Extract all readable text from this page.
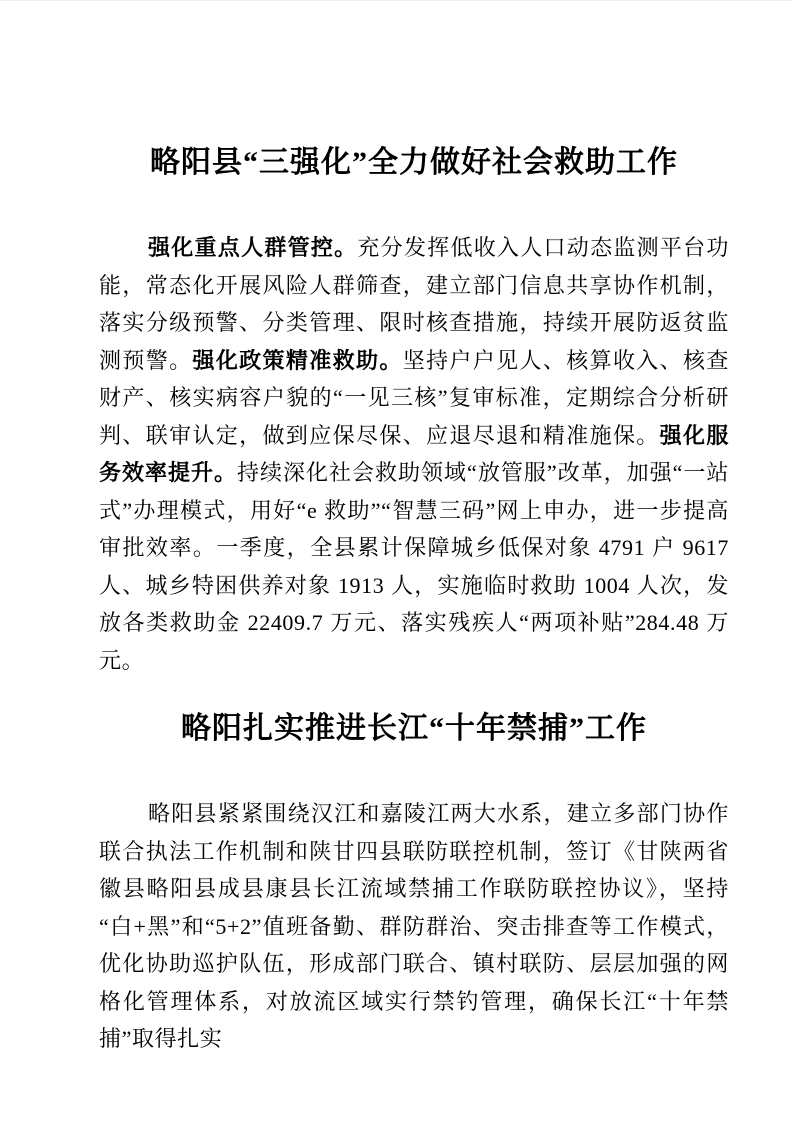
略阳县“三强化”全力做好社会救助工作

强化重点人群管控。充分发挥低收入人口动态监测平台功能，常态化开展风险人群筛查，建立部门信息共享协作机制，落实分级预警、分类管理、限时核查措施，持续开展防返贫监测预警。强化政策精准救助。坚持户户见人、核算收入、核查财产、核实病容户貌的“一见三核”复审标准，定期综合分析研判、联审认定，做到应保尽保、应退尽退和精准施保。强化服务效率提升。持续深化社会救助领域“放管服”改革，加强“一站式”办理模式，用好“e 救助”“智慧三码”网上申办，进一步提高审批效率。一季度，全县累计保障城乡低保对象 4791 户 9617 人、城乡特困供养对象 1913 人，实施临时救助 1004 人次，发放各类救助金 22409.7 万元、落实残疾人“两项补贴”284.48 万元。

略阳扎实推进长江“十年禁捕”工作

略阳县紧紧围绕汉江和嘉陵江两大水系，建立多部门协作联合执法工作机制和陕甘四县联防联控机制，签订《甘陕两省徽县略阳县成县康县长江流域禁捕工作联防联控协议》，坚持“白+黑”和“5+2”值班备勤、群防群治、突击排查等工作模式，优化协助巡护队伍，形成部门联合、镇村联防、层层加强的网格化管理体系，对放流区域实行禁钓管理，确保长江“十年禁捕”取得扎实
